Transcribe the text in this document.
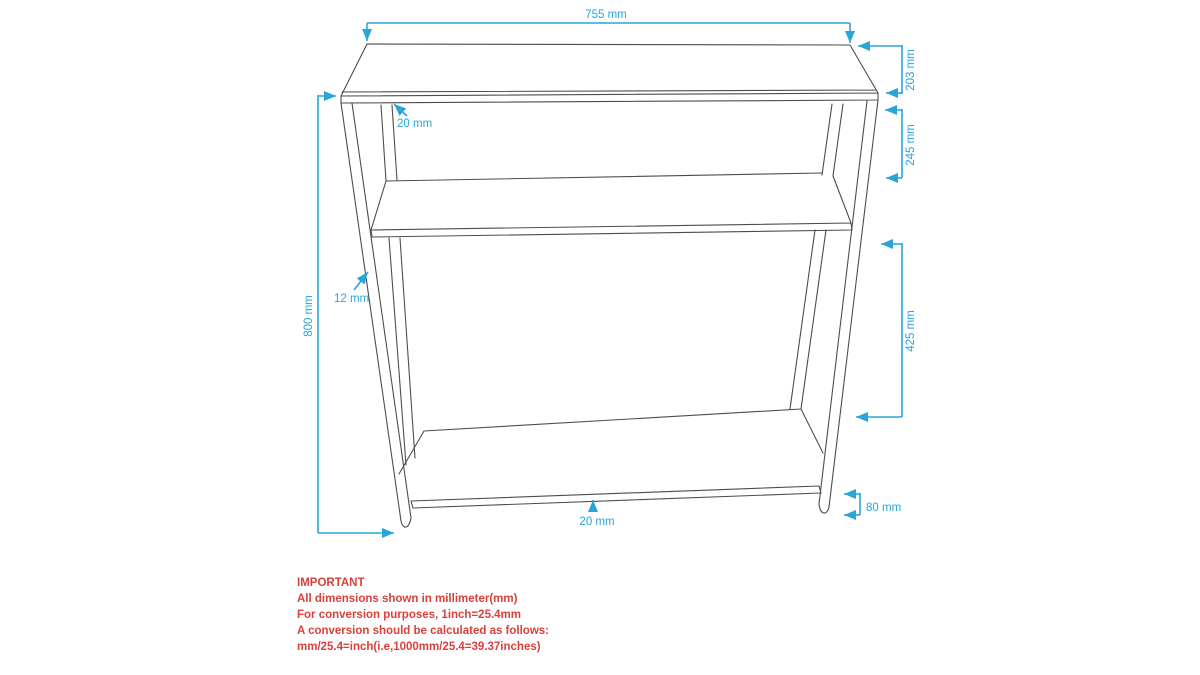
755 mm
203 mm
245 mm
425 mm
80 mm
800 mm
20 mm
12 mm
20 mm

IMPORTANT

All dimensions shown in millimeter(mm)

For conversion purposes, 1inch=25.4mm

A conversion should be calculated as follows:

mm/25.4=inch(i.e,1000mm/25.4=39.37inches)
